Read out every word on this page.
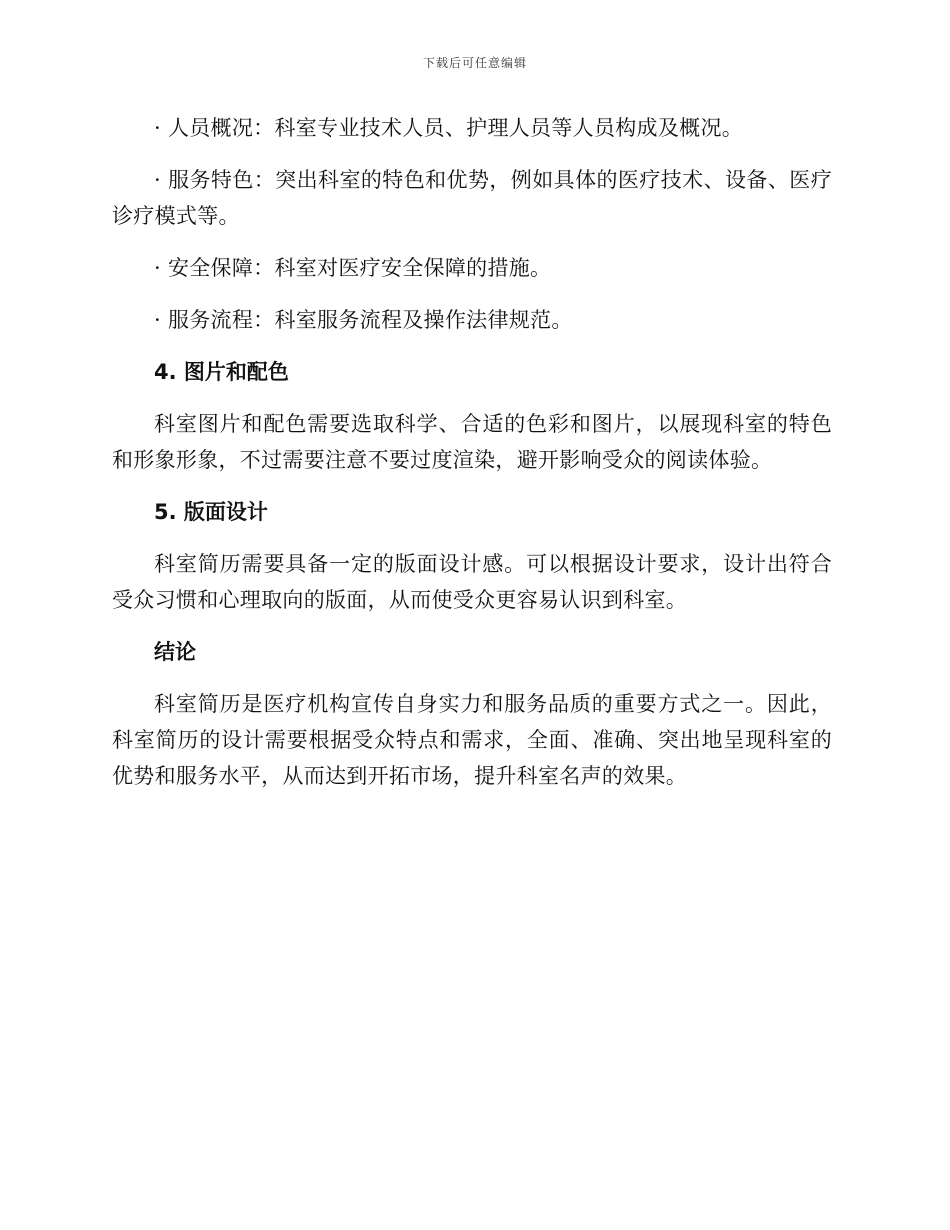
下载后可任意编辑

· 人员概况：科室专业技术人员、护理人员等人员构成及概况。

· 服务特色：突出科室的特色和优势，例如具体的医疗技术、设备、医疗诊疗模式等。

· 安全保障：科室对医疗安全保障的措施。

· 服务流程：科室服务流程及操作法律规范。

4. 图片和配色

科室图片和配色需要选取科学、合适的色彩和图片，以展现科室的特色和形象形象，不过需要注意不要过度渲染，避开影响受众的阅读体验。

5. 版面设计

科室简历需要具备一定的版面设计感。可以根据设计要求，设计出符合受众习惯和心理取向的版面，从而使受众更容易认识到科室。

结论

科室简历是医疗机构宣传自身实力和服务品质的重要方式之一。因此，科室简历的设计需要根据受众特点和需求，全面、准确、突出地呈现科室的优势和服务水平，从而达到开拓市场，提升科室名声的效果。
